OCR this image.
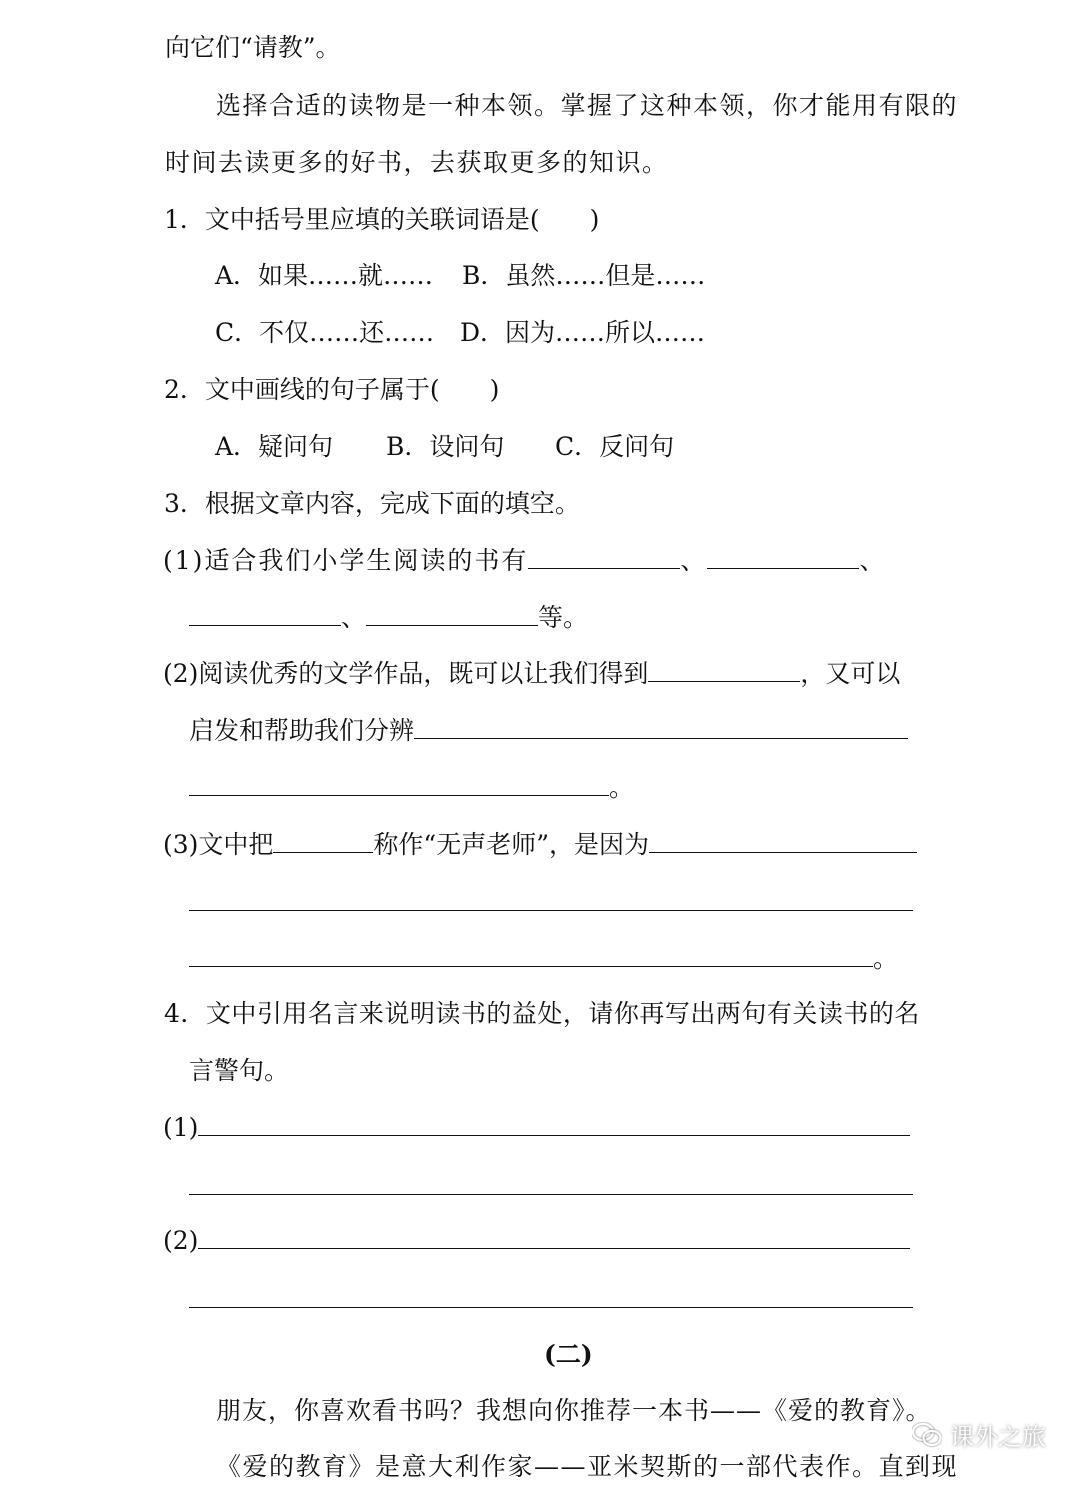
向它们“请教”。
选择合适的读物是一种本领。掌握了这种本领，你才能用有限的
时间去读更多的好书，去获取更多的知识。
1．文中括号里应填的关联词语是(　　)
A．如果……就…… B．虽然……但是……
C．不仅……还…… D．因为……所以……
2．文中画线的句子属于(　　)
A．疑问句 B．设问句 C．反问句
3．根据文章内容，完成下面的填空。
(1)适合我们小学生阅读的书有	、	、
、	等。
(2)阅读优秀的文学作品，既可以让我们得到	，又可以
启发和帮助我们分辨
。
(3)文中把	称作“无声老师”，是因为
。
4．文中引用名言来说明读书的益处，请你再写出两句有关读书的名
言警句。
(1)
(2)
(二)
朋友，你喜欢看书吗？我想向你推荐一本书——《爱的教育》。
《爱的教育》是意大利作家——亚米契斯的一部代表作。直到现
课外之旅
